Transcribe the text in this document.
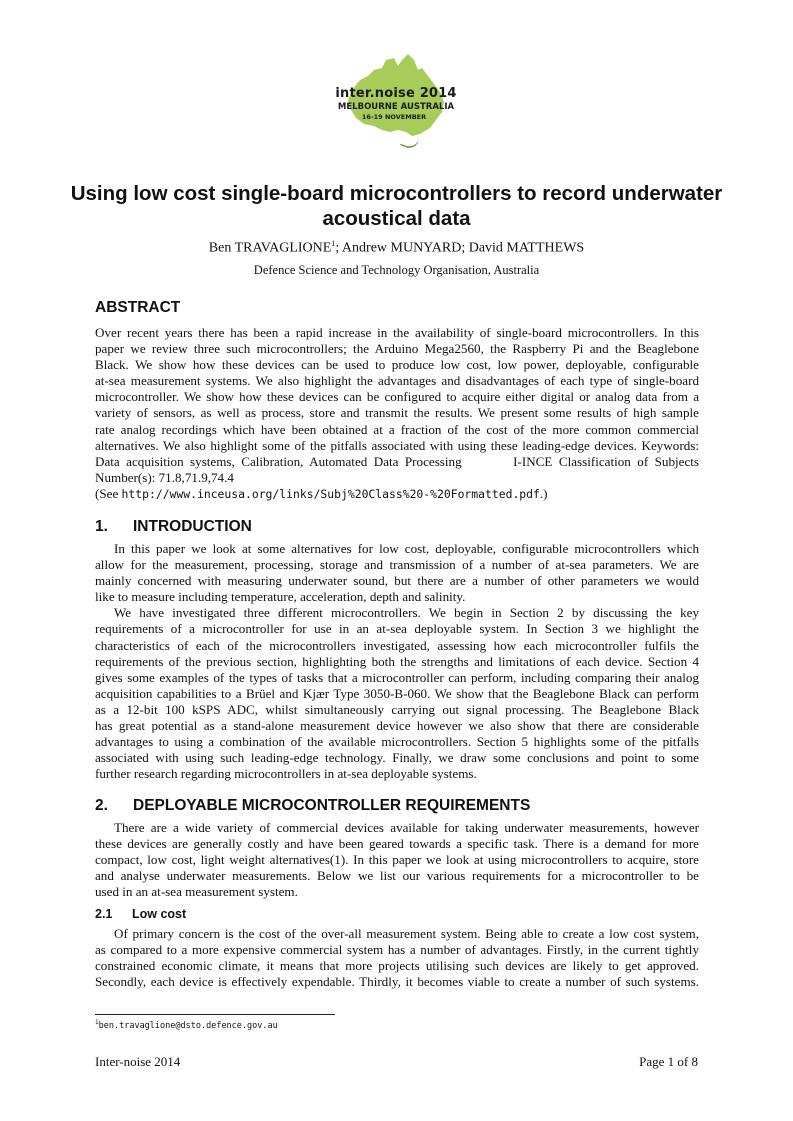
inter.noise 2014
MELBOURNE AUSTRALIA
16-19 NOVEMBER
Using low cost single-board microcontrollers to record underwater
acoustical data
Ben TRAVAGLIONE$^1$; Andrew MUNYARD; David MATTHEWS
Defence Science and Technology Organisation, Australia
ABSTRACT
Over recent years there has been a rapid increase in the availability of single-board microcontrollers. In this
paper we review three such microcontrollers; the Arduino Mega2560, the Raspberry Pi and the Beaglebone
Black. We show how these devices can be used to produce low cost, low power, deployable, configurable
at-sea measurement systems. We also highlight the advantages and disadvantages of each type of single-board
microcontroller. We show how these devices can be configured to acquire either digital or analog data from a
variety of sensors, as well as process, store and transmit the results. We present some results of high sample
rate analog recordings which have been obtained at a fraction of the cost of the more common commercial
alternatives. We also highlight some of the pitfalls associated with using these leading-edge devices. Keywords:
Data acquisition systems, Calibration, Automated Data Processing        I-INCE Classification of Subjects
Number(s): 71.8,71.9,74.4
(See http://www.inceusa.org/links/Subj%20Class%20-%20Formatted.pdf.)
1. INTRODUCTION
In this paper we look at some alternatives for low cost, deployable, configurable microcontrollers which
allow for the measurement, processing, storage and transmission of a number of at-sea parameters. We are
mainly concerned with measuring underwater sound, but there are a number of other parameters we would
like to measure including temperature, acceleration, depth and salinity.
We have investigated three different microcontrollers. We begin in Section 2 by discussing the key
requirements of a microcontroller for use in an at-sea deployable system. In Section 3 we highlight the
characteristics of each of the microcontrollers investigated, assessing how each microcontroller fulfils the
requirements of the previous section, highlighting both the strengths and limitations of each device. Section 4
gives some examples of the types of tasks that a microcontroller can perform, including comparing their analog
acquisition capabilities to a Brüel and Kjær Type 3050-B-060. We show that the Beaglebone Black can perform
as a 12-bit 100 kSPS ADC, whilst simultaneously carrying out signal processing. The Beaglebone Black
has great potential as a stand-alone measurement device however we also show that there are considerable
advantages to using a combination of the available microcontrollers. Section 5 highlights some of the pitfalls
associated with using such leading-edge technology. Finally, we draw some conclusions and point to some
further research regarding microcontrollers in at-sea deployable systems.
2. DEPLOYABLE MICROCONTROLLER REQUIREMENTS
There are a wide variety of commercial devices available for taking underwater measurements, however
these devices are generally costly and have been geared towards a specific task. There is a demand for more
compact, low cost, light weight alternatives(1). In this paper we look at using microcontrollers to acquire, store
and analyse underwater measurements. Below we list our various requirements for a microcontroller to be
used in an at-sea measurement system.
2.1 Low cost
Of primary concern is the cost of the over-all measurement system. Being able to create a low cost system,
as compared to a more expensive commercial system has a number of advantages. Firstly, in the current tightly
constrained economic climate, it means that more projects utilising such devices are likely to get approved.
Secondly, each device is effectively expendable. Thirdly, it becomes viable to create a number of such systems.
$^1$ben.travaglione@dsto.defence.gov.au
Inter-noise 2014	Page 1 of 8
